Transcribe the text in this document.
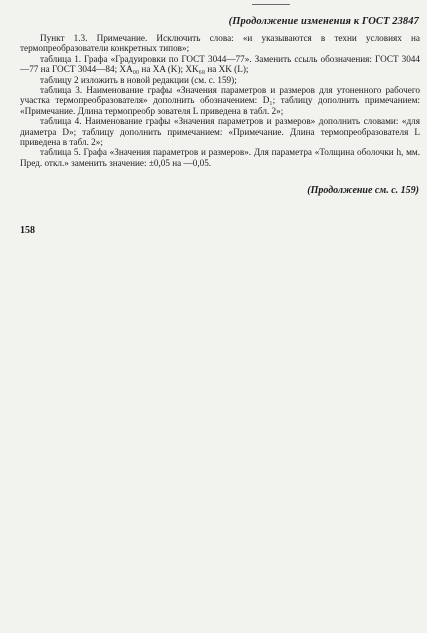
(Продолжение изменения к ГОСТ 23847

Пункт 1.3. Примечание. Исключить слова: «и указываются в техни условиях на термопреобразователи конкретных типов»;

таблица 1. Графа «Градуировки по ГОСТ 3044—77». Заменить ссыль обозначения: ГОСТ 3044—77 на ГОСТ 3044—84; XA₀₀ на XA (K); XK₆₈ на XK (L);

таблицу 2 изложить в новой редакции (см. с. 159);

таблица 3. Наименование графы «Значения параметров и размеров для утоненного рабочего участка термопреобразователя» дополнить обозначением: D₁; таблицу дополнить примечанием: «Примечание. Длина термопреобр зователя L приведена в табл. 2»;

таблица 4. Наименование графы «Значения параметров и размеров» дополнить словами: «для диаметра D»; таблицу дополнить примечанием: «Примечание. Длина термопреобразователя L приведена в табл. 2»;

таблица 5. Графа «Значения параметров и размеров». Для параметра «Толщина оболочки h, мм. Пред. откл.» заменить значение: ±0,05 на —0,05.

(Продолжение см. с. 159)
158
